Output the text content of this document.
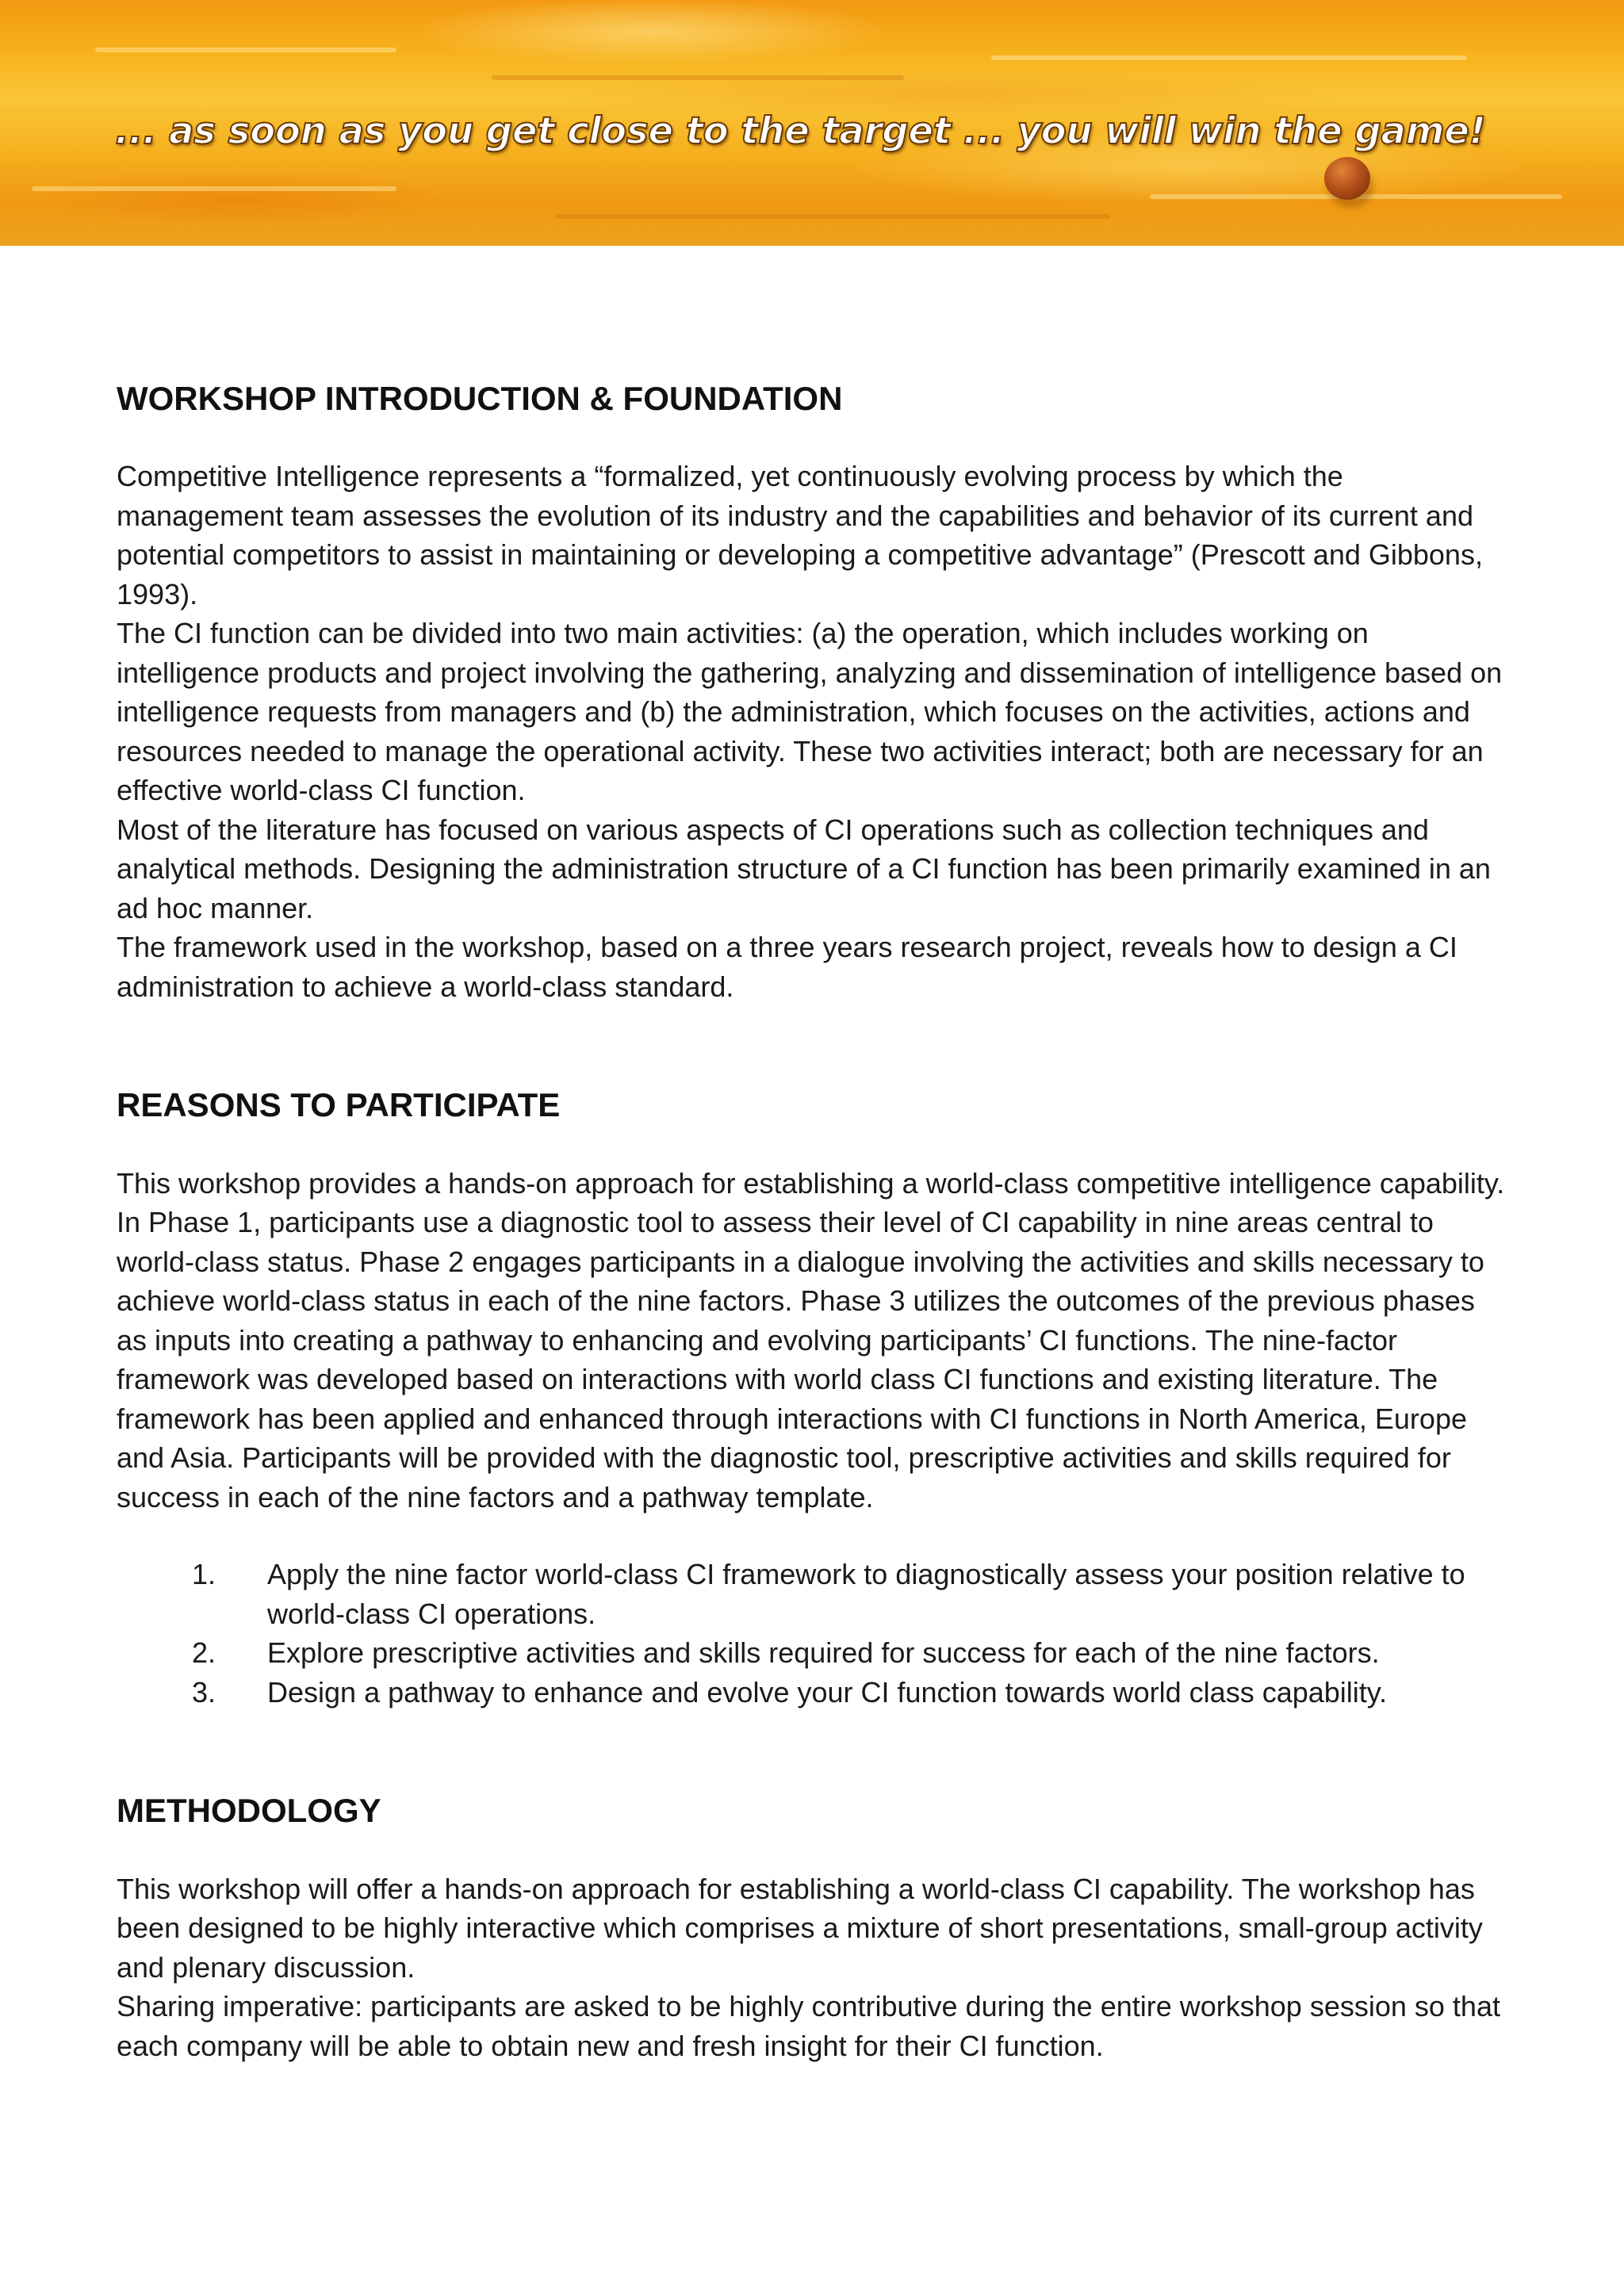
... as soon as you get close to the target ... you will win the game!
WORKSHOP INTRODUCTION & FOUNDATION

Competitive Intelligence represents a “formalized, yet continuously evolving process by which the management team assesses the evolution of its industry and the capabilities and behavior of its current and potential competitors to assist in maintaining or developing a competitive advantage” (Prescott and Gibbons, 1993).

The CI function can be divided into two main activities: (a) the operation, which includes working on intelligence products and project involving the gathering, analyzing and dissemination of intelligence based on intelligence requests from managers and (b) the administration, which focuses on the activities, actions and resources needed to manage the operational activity. These two activities interact; both are necessary for an effective world-class CI function.

Most of the literature has focused on various aspects of CI operations such as collection techniques and analytical methods. Designing the administration structure of a CI function has been primarily examined in an ad hoc manner.

The framework used in the workshop, based on a three years research project, reveals how to design a CI administration to achieve a world-class standard.

REASONS TO PARTICIPATE

This workshop provides a hands-on approach for establishing a world-class competitive intelligence capability. In Phase 1, participants use a diagnostic tool to assess their level of CI capability in nine areas central to world-class status. Phase 2 engages participants in a dialogue involving the activities and skills necessary to achieve world-class status in each of the nine factors. Phase 3 utilizes the outcomes of the previous phases as inputs into creating a pathway to enhancing and evolving participants’ CI functions. The nine-factor framework was developed based on interactions with world class CI functions and existing literature. The framework has been applied and enhanced through interactions with CI functions in North America, Europe and Asia. Participants will be provided with the diagnostic tool, prescriptive activities and skills required for success in each of the nine factors and a pathway template.

1.	Apply the nine factor world-class CI framework to diagnostically assess your position relative to world-class CI operations.
2.	Explore prescriptive activities and skills required for success for each of the nine factors.
3.	Design a pathway to enhance and evolve your CI function towards world class capability.
METHODOLOGY

This workshop will offer a hands-on approach for establishing a world-class CI capability. The workshop has been designed to be highly interactive which comprises a mixture of short presentations, small-group activity and plenary discussion.

Sharing imperative: participants are asked to be highly contributive during the entire workshop session so that each company will be able to obtain new and fresh insight for their CI function.
